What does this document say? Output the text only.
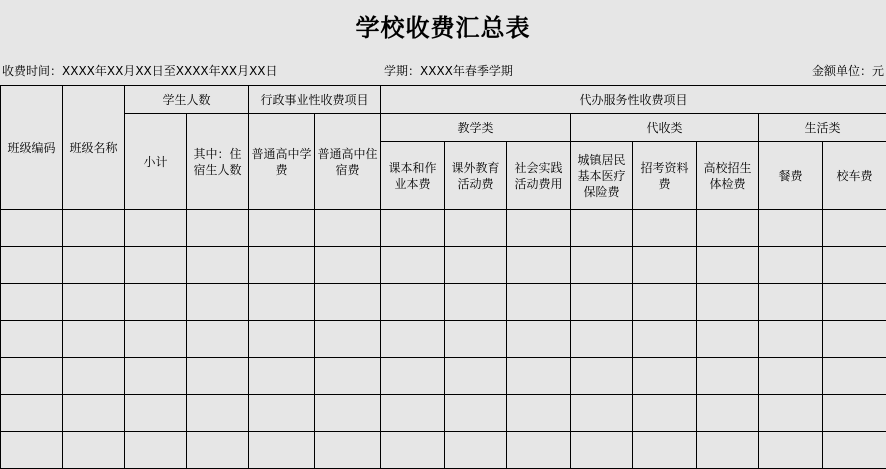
学校收费汇总表
收费时间：XXXX年XX月XX日至XXXX年XX月XX日	学期：XXXX年春季学期	金额单位：元
班级编码	班级名称	学生人数		行政事业性收费项目		代办服务性收费项目							
		小计	其中：住宿生人数	普通高中学费	普通高中住宿费	教学类			代收类			生活类	
						课本和作业本费	课外教育活动费	社会实践活动费用	城镇居民基本医疗保险费	招考资料费	高校招生体检费	餐费	校车费
